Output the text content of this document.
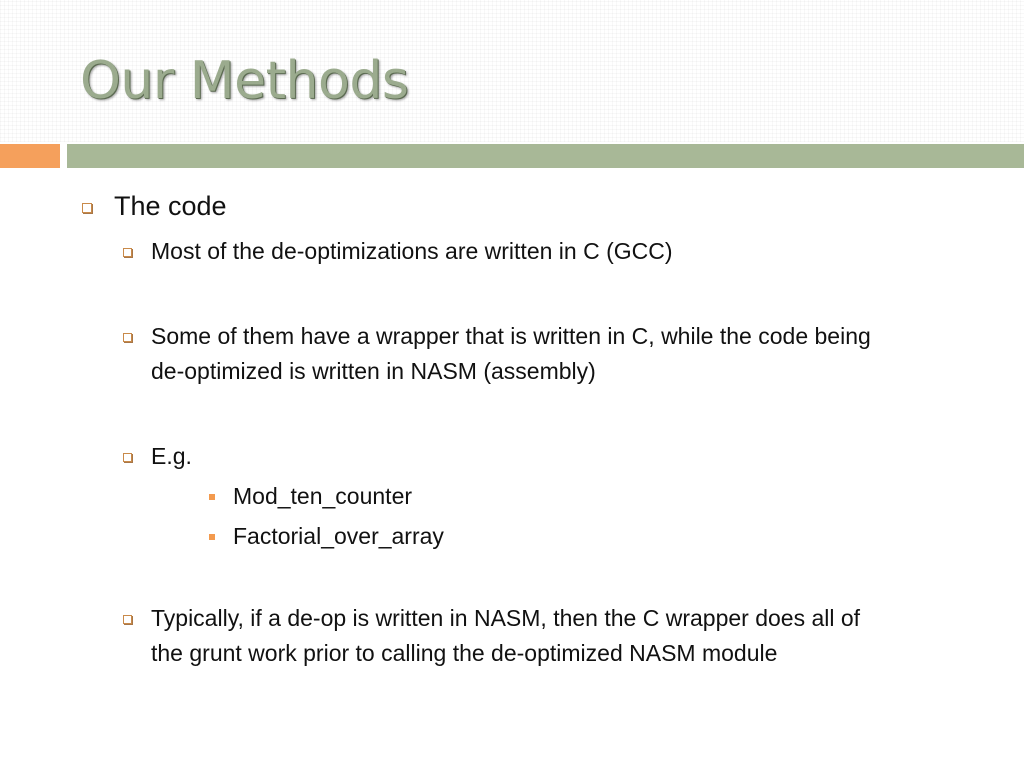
Our Methods
The code
Most of the de-optimizations are written in C (GCC)
Some of them have a wrapper that is written in C, while the code being
de-optimized is written in NASM (assembly)
E.g.
Mod_ten_counter
Factorial_over_array
Typically, if a de-op is written in NASM, then the C wrapper does all of
the grunt work prior to calling the de-optimized NASM module
